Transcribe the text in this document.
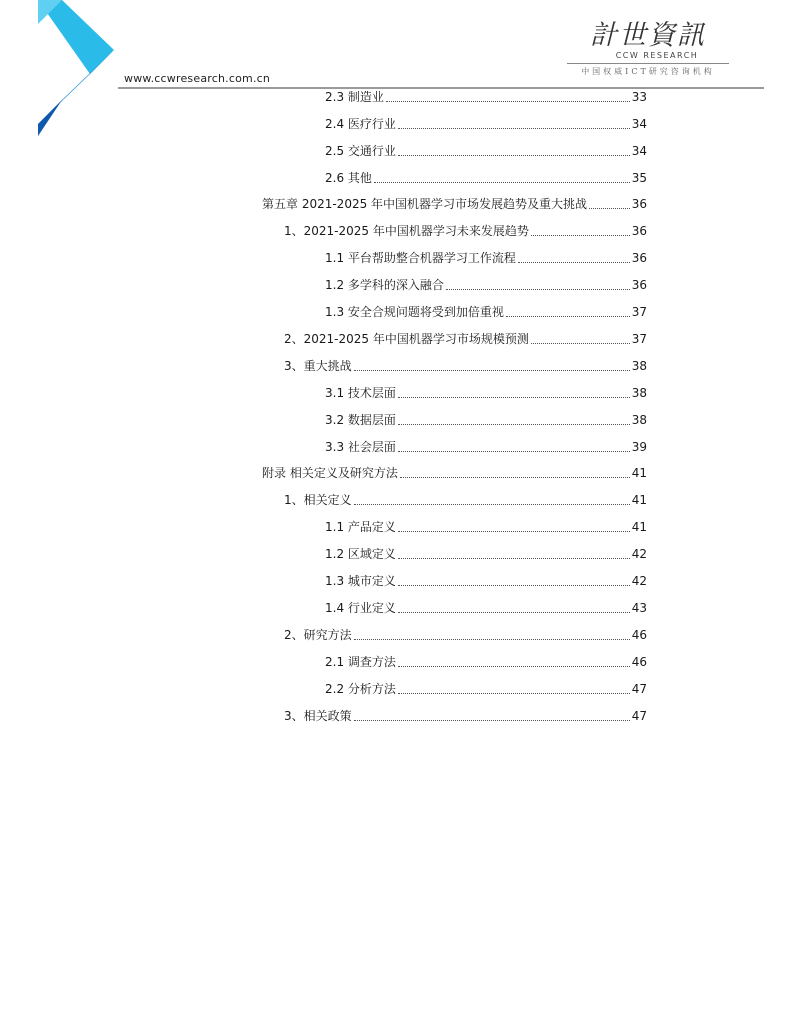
www.ccwresearch.com.cn
計世資訊
CCW RESEARCH
中国权威ICT研究咨询机构
2.3 制造业	33
2.4 医疗行业	34
2.5 交通行业	34
2.6 其他	35
第五章 2021-2025 年中国机器学习市场发展趋势及重大挑战	36
1、2021-2025 年中国机器学习未来发展趋势	36
1.1 平台帮助整合机器学习工作流程	36
1.2 多学科的深入融合	36
1.3 安全合规问题将受到加倍重视	37
2、2021-2025 年中国机器学习市场规模预测	37
3、重大挑战	38
3.1 技术层面	38
3.2 数据层面	38
3.3 社会层面	39
附录 相关定义及研究方法	41
1、相关定义	41
1.1 产品定义	41
1.2 区域定义	42
1.3 城市定义	42
1.4 行业定义	43
2、研究方法	46
2.1 调查方法	46
2.2 分析方法	47
3、相关政策	47
